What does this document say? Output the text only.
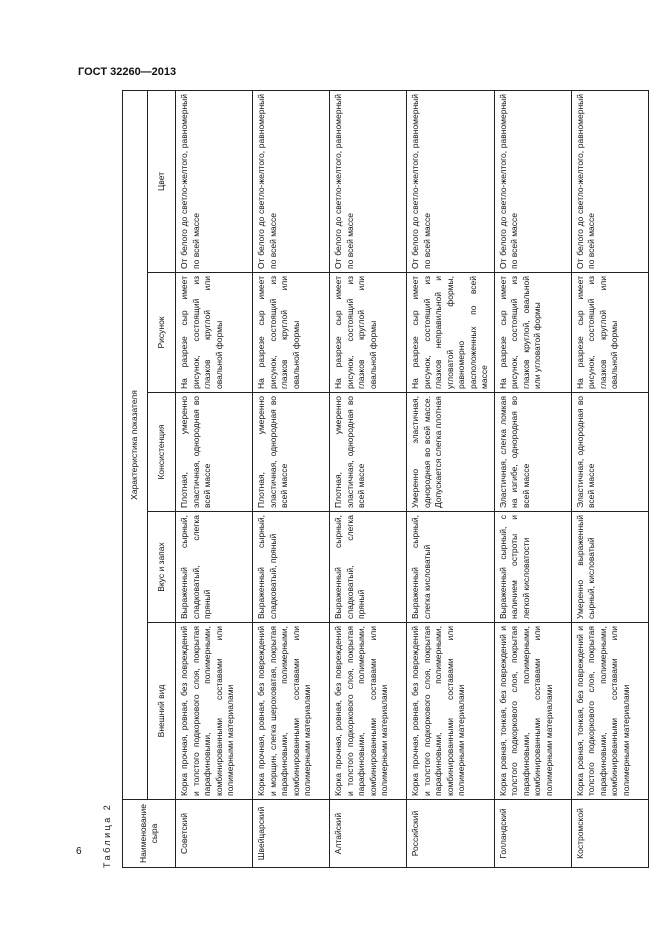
ГОСТ 32260—2013
Таблица 2	Наименование сыра	Характеристика показателя				
	Внешний вид	Вкус и запах	Консистенция	Рисунок	Цвет
Советский	Корка прочная, ровная, без повреждений и толстого подкоркового слоя, покрытая парафиновыми, полимерными, комбинированными составами или полимерными материалами	Выраженный сырный, сладковатый, слегка пряный	Плотная, умеренно эластичная, однородная во всей массе	На разрезе сыр имеет рисунок, состоящий из глазков круглой или овальной формы	От белого до светло-желтого, равномерный по всей массе
Швейцарский	Корка прочная, ровная, без повреждений и морщин, слегка шероховатая, покрытая парафиновыми, полимерными, комбинированными составами или полимерными материалами	Выраженный сырный, сладковатый, пряный	Плотная, умеренно эластичная, однородная во всей массе	На разрезе сыр имеет рисунок, состоящий из глазков круглой или овальной формы	От белого до светло-желтого, равномерный по всей массе
Алтайский	Корка прочная, ровная, без повреждений и толстого подкоркового слоя, покрытая парафиновыми, полимерными, комбинированными составами или полимерными материалами	Выраженный сырный, сладковатый, слегка пряный	Плотная, умеренно эластичная, однородная во всей массе	На разрезе сыр имеет рисунок, состоящий из глазков круглой или овальной формы	От белого до светло-желтого, равномерный по всей массе
Российский	Корка прочная, ровная, без повреждений и толстого подкоркового слоя, покрытая парафиновыми, полимерными, комбинированными составами или полимерными материалами	Выраженный сырный, слегка кисловатый	Умеренно эластичная, однородная во всей массе. Допускается слегка плотная	На разрезе сыр имеет рисунок, состоящий из глазков неправильной и угловатой формы, равномерно расположенных по всей массе	От белого до светло-желтого, равномерный по всей массе
Голландский	Корка ровная, тонкая, без повреждений и толстого подкоркового слоя, покрытая парафиновыми, полимерными, комбинированными составами или полимерными материалами	Выраженный сырный, с наличием остроты и легкой кисловатости	Эластичная, слегка ломкая на изгибе, однородная во всей массе	На разрезе сыр имеет рисунок, состоящий из глазков круглой, овальной или угловатой формы	От белого до светло-желтого, равномерный по всей массе
Костромской	Корка ровная, тонкая, без повреждений и толстого подкоркового слоя, покрытая парафиновыми, полимерными, комбинированными составами или полимерными материалами	Умеренно выраженный сырный, кисловатый	Эластичная, однородная во всей массе	На разрезе сыр имеет рисунок, состоящий из глазков круглой или овальной формы	От белого до светло-желтого, равномерный по всей массе
6
